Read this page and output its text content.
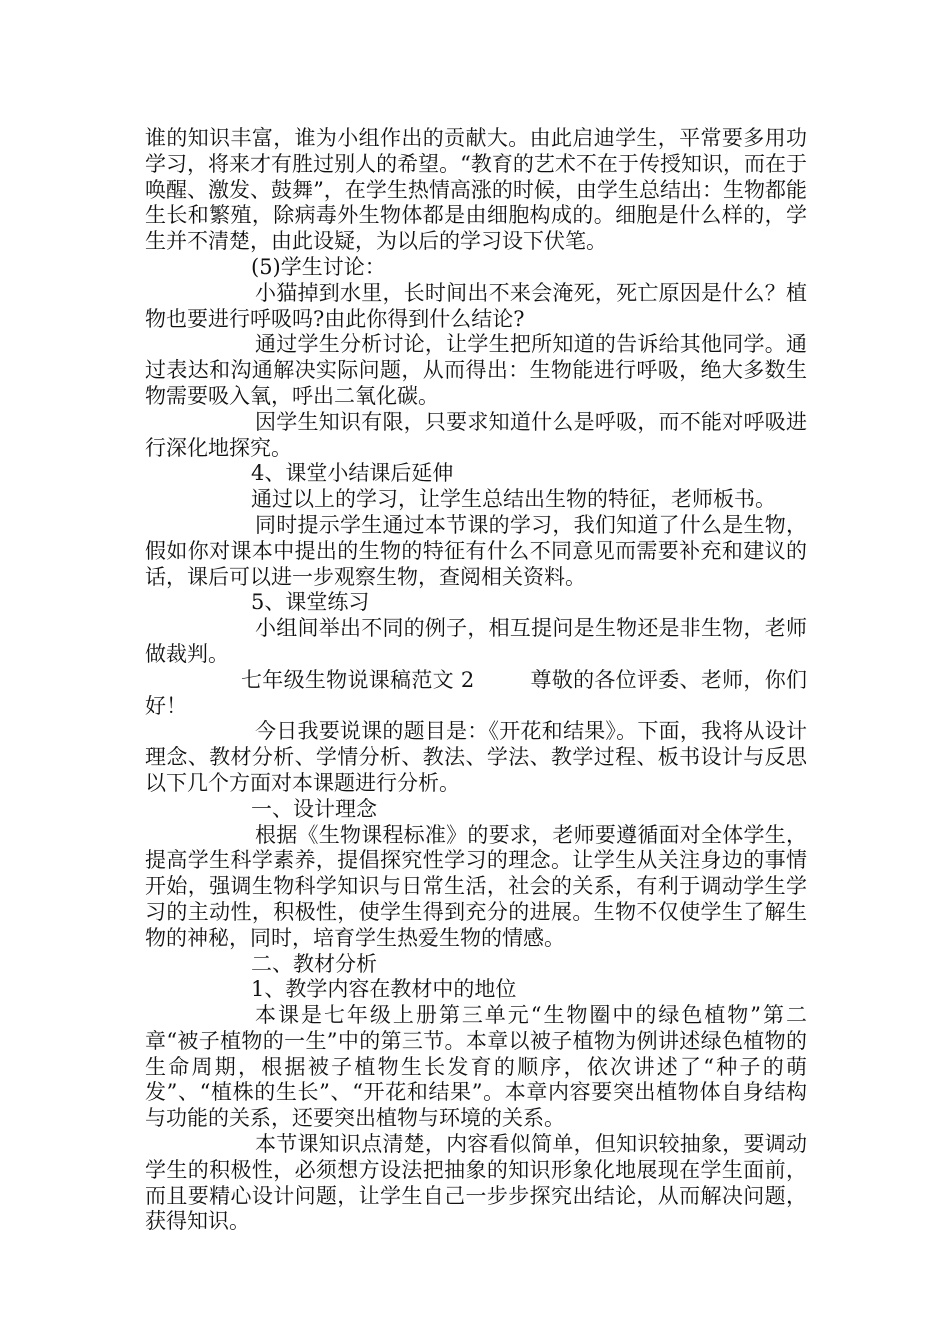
谁的知识丰富，谁为小组作出的贡献大。由此启迪学生，平常要多用功学习，将来才有胜过别人的希望。“教育的艺术不在于传授知识，而在于唤醒、激发、鼓舞”，在学生热情高涨的时候，由学生总结出：生物都能生长和繁殖，除病毒外生物体都是由细胞构成的。细胞是什么样的，学生并不清楚，由此设疑，为以后的学习设下伏笔。

(5)学生讨论：

小猫掉到水里，长时间出不来会淹死，死亡原因是什么？植物也要进行呼吸吗?由此你得到什么结论?

通过学生分析讨论，让学生把所知道的告诉给其他同学。通过表达和沟通解决实际问题，从而得出：生物能进行呼吸，绝大多数生物需要吸入氧，呼出二氧化碳。

因学生知识有限，只要求知道什么是呼吸，而不能对呼吸进行深化地探究。

4、课堂小结课后延伸

通过以上的学习，让学生总结出生物的特征，老师板书。

同时提示学生通过本节课的学习，我们知道了什么是生物，假如你对课本中提出的生物的特征有什么不同意见而需要补充和建议的话，课后可以进一步观察生物，查阅相关资料。

5、课堂练习

小组间举出不同的例子，相互提问是生物还是非生物，老师做裁判。

七年级生物说课稿范文 2	尊敬的各位评委、老师，你们好！

今日我要说课的题目是：《开花和结果》。下面，我将从设计理念、教材分析、学情分析、教法、学法、教学过程、板书设计与反思以下几个方面对本课题进行分析。

一、设计理念

根据《生物课程标准》的要求，老师要遵循面对全体学生，提高学生科学素养，提倡探究性学习的理念。让学生从关注身边的事情开始，强调生物科学知识与日常生活，社会的关系，有利于调动学生学习的主动性，积极性，使学生得到充分的进展。生物不仅使学生了解生物的神秘，同时，培育学生热爱生物的情感。

二、教材分析

1、教学内容在教材中的地位

本课是七年级上册第三单元“生物圈中的绿色植物”第二章“被子植物的一生”中的第三节。本章以被子植物为例讲述绿色植物的生命周期，根据被子植物生长发育的顺序，依次讲述了“种子的萌发”、“植株的生长”、“开花和结果”。本章内容要突出植物体自身结构与功能的关系，还要突出植物与环境的关系。

本节课知识点清楚，内容看似简单，但知识较抽象，要调动学生的积极性，必须想方设法把抽象的知识形象化地展现在学生面前，而且要精心设计问题，让学生自己一步步探究出结论，从而解决问题，获得知识。
